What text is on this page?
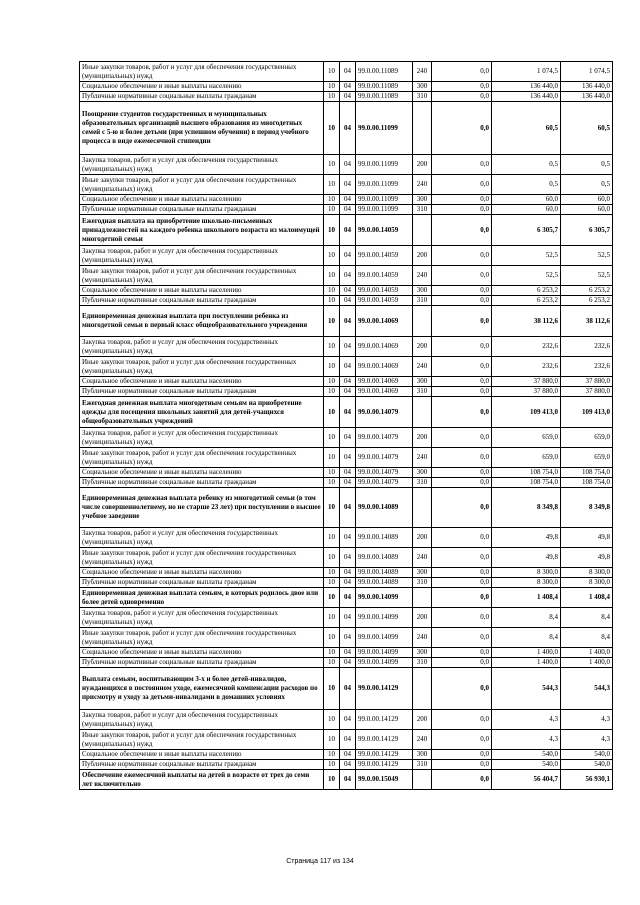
Иные закупки товаров, работ и услуг для обеспечения государственных (муниципальных) нужд	10	04	99.0.00.11089	240	0,0	1 074,5	1 074,5
Социальное обеспечение и иные выплаты населению	10	04	99.0.00.11089	300	0,0	136 440,0	136 440,0
Публичные нормативные социальные выплаты гражданам	10	04	99.0.00.11089	310	0,0	136 440,0	136 440,0
Поощрение студентов государственных и муниципальных образовательных организаций высшего образования из многодетных семей с 5-ю и более детьми (при успешном обучении) в период учебного процесса в виде ежемесячной стипендии	10	04	99.0.00.11099		0,0	60,5	60,5
Закупка товаров, работ и услуг для обеспечения государственных (муниципальных) нужд	10	04	99.0.00.11099	200	0,0	0,5	0,5
Иные закупки товаров, работ и услуг для обеспечения государственных (муниципальных) нужд	10	04	99.0.00.11099	240	0,0	0,5	0,5
Социальное обеспечение и иные выплаты населению	10	04	99.0.00.11099	300	0,0	60,0	60,0
Публичные нормативные социальные выплаты гражданам	10	04	99.0.00.11099	310	0,0	60,0	60,0
Ежегодная выплата на приобретение школьно-письменных принадлежностей на каждого ребенка школьного возраста из малоимущей многодетной семьи	10	04	99.0.00.14059		0,0	6 305,7	6 305,7
Закупка товаров, работ и услуг для обеспечения государственных (муниципальных) нужд	10	04	99.0.00.14059	200	0,0	52,5	52,5
Иные закупки товаров, работ и услуг для обеспечения государственных (муниципальных) нужд	10	04	99.0.00.14059	240	0,0	52,5	52,5
Социальное обеспечение и иные выплаты населению	10	04	99.0.00.14059	300	0,0	6 253,2	6 253,2
Публичные нормативные социальные выплаты гражданам	10	04	99.0.00.14059	310	0,0	6 253,2	6 253,2
Единовременная денежная выплата при поступлении ребенка из многодетной семьи в первый класс общеобразовательного учреждения	10	04	99.0.00.14069		0,0	38 112,6	38 112,6
Закупка товаров, работ и услуг для обеспечения государственных (муниципальных) нужд	10	04	99.0.00.14069	200	0,0	232,6	232,6
Иные закупки товаров, работ и услуг для обеспечения государственных (муниципальных) нужд	10	04	99.0.00.14069	240	0,0	232,6	232,6
Социальное обеспечение и иные выплаты населению	10	04	99.0.00.14069	300	0,0	37 880,0	37 880,0
Публичные нормативные социальные выплаты гражданам	10	04	99.0.00.14069	310	0,0	37 880,0	37 880,0
Ежегодная денежная выплата многодетным семьям на приобретение одежды для посещения школьных занятий для детей-учащихся общеобразовательных учреждений	10	04	99.0.00.14079		0,0	109 413,0	109 413,0
Закупка товаров, работ и услуг для обеспечения государственных (муниципальных) нужд	10	04	99.0.00.14079	200	0,0	659,0	659,0
Иные закупки товаров, работ и услуг для обеспечения государственных (муниципальных) нужд	10	04	99.0.00.14079	240	0,0	659,0	659,0
Социальное обеспечение и иные выплаты населению	10	04	99.0.00.14079	300	0,0	108 754,0	108 754,0
Публичные нормативные социальные выплаты гражданам	10	04	99.0.00.14079	310	0,0	108 754,0	108 754,0
Единовременная денежная выплата ребенку из многодетной семьи (в том числе совершеннолетнему, но не старше 23 лет) при поступлении в высшее учебное заведение	10	04	99.0.00.14089		0,0	8 349,8	8 349,8
Закупка товаров, работ и услуг для обеспечения государственных (муниципальных) нужд	10	04	99.0.00.14089	200	0,0	49,8	49,8
Иные закупки товаров, работ и услуг для обеспечения государственных (муниципальных) нужд	10	04	99.0.00.14089	240	0,0	49,8	49,8
Социальное обеспечение и иные выплаты населению	10	04	99.0.00.14089	300	0,0	8 300,0	8 300,0
Публичные нормативные социальные выплаты гражданам	10	04	99.0.00.14089	310	0,0	8 300,0	8 300,0
Единовременная денежная выплата семьям, в которых родилось двое или более детей одновременно	10	04	99.0.00.14099		0,0	1 408,4	1 408,4
Закупка товаров, работ и услуг для обеспечения государственных (муниципальных) нужд	10	04	99.0.00.14099	200	0,0	8,4	8,4
Иные закупки товаров, работ и услуг для обеспечения государственных (муниципальных) нужд	10	04	99.0.00.14099	240	0,0	8,4	8,4
Социальное обеспечение и иные выплаты населению	10	04	99.0.00.14099	300	0,0	1 400,0	1 400,0
Публичные нормативные социальные выплаты гражданам	10	04	99.0.00.14099	310	0,0	1 400,0	1 400,0
Выплата семьям, воспитывающим 3-х и более детей-инвалидов, нуждающихся в постоянном уходе, ежемесячной компенсации расходов по присмотру и уходу за детьми-инвалидами в домашних условиях	10	04	99.0.00.14129		0,0	544,3	544,3
Закупка товаров, работ и услуг для обеспечения государственных (муниципальных) нужд	10	04	99.0.00.14129	200	0,0	4,3	4,3
Иные закупки товаров, работ и услуг для обеспечения государственных (муниципальных) нужд	10	04	99.0.00.14129	240	0,0	4,3	4,3
Социальное обеспечение и иные выплаты населению	10	04	99.0.00.14129	300	0,0	540,0	540,0
Публичные нормативные социальные выплаты гражданам	10	04	99.0.00.14129	310	0,0	540,0	540,0
Обеспечение ежемесячной выплаты на детей в возрасте от трех до семи лет включительно	10	04	99.0.00.15049		0,0	56 404,7	56 930,1
Страница 117 из 134
